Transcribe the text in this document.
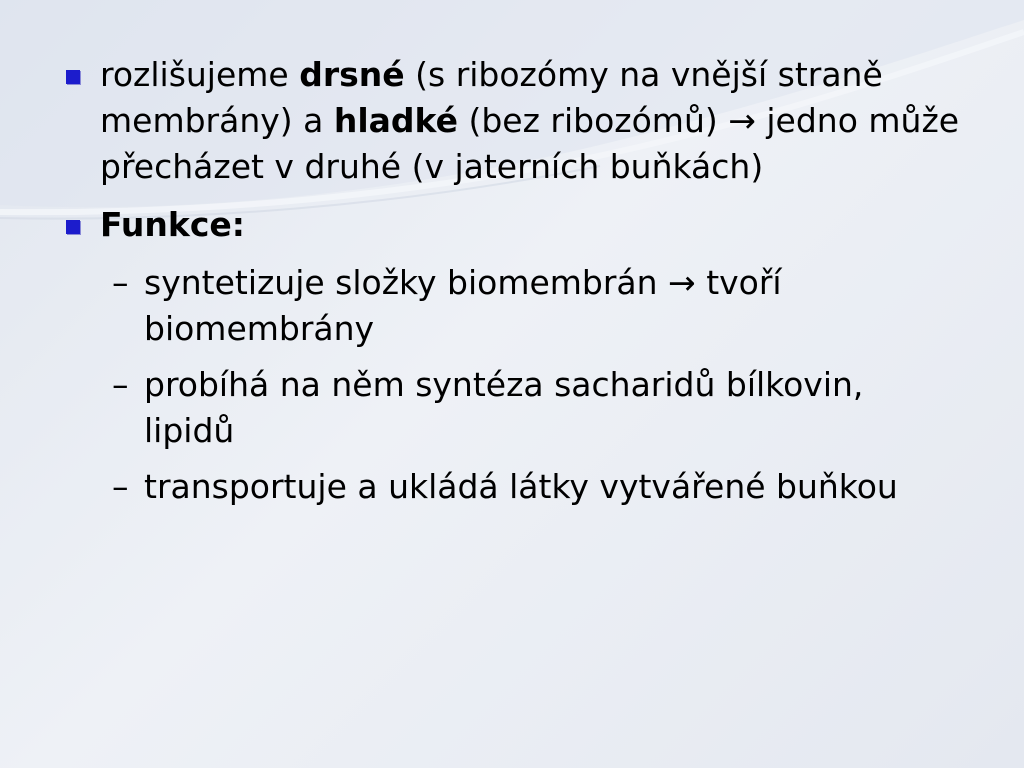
rozlišujeme drsné (s ribozómy na vnější straně membrány) a hladké (bez ribozómů) → jedno může přecházet v druhé (v jaterních buňkách)
Funkce:
– syntetizuje složky biomembrán → tvoří biomembrány
– probíhá na něm syntéza sacharidů bílkovin, lipidů
– transportuje a ukládá látky vytvářené buňkou
